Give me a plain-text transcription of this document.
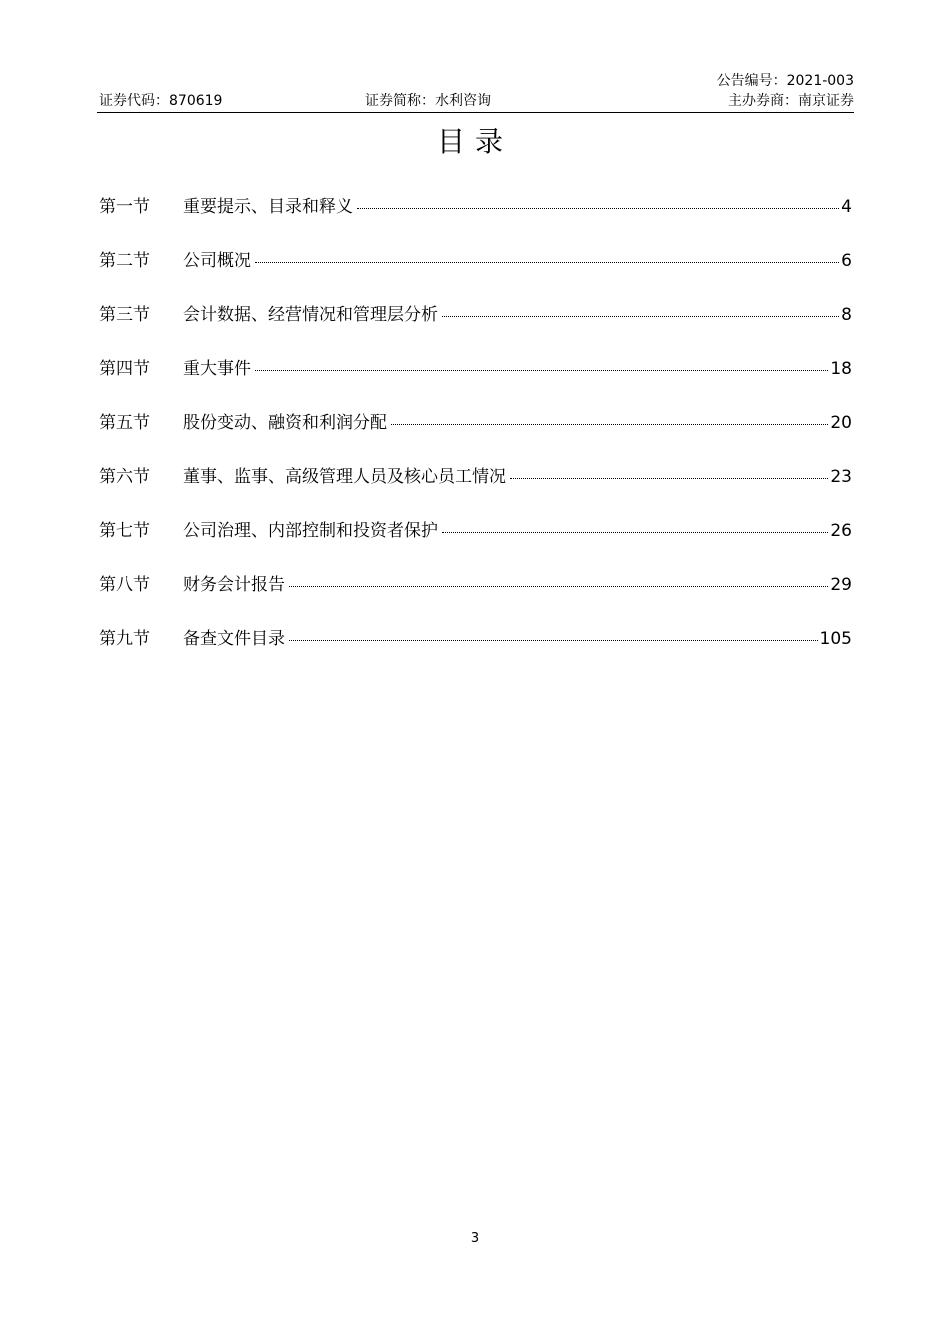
公告编号：2021-003
证券代码：870619	证券简称：水利咨询	主办券商：南京证券
目录
第一节	重要提示、目录和释义	4
第二节	公司概况	6
第三节	会计数据、经营情况和管理层分析	8
第四节	重大事件	18
第五节	股份变动、融资和利润分配	20
第六节	董事、监事、高级管理人员及核心员工情况	23
第七节	公司治理、内部控制和投资者保护	26
第八节	财务会计报告	29
第九节	备查文件目录	105
3
